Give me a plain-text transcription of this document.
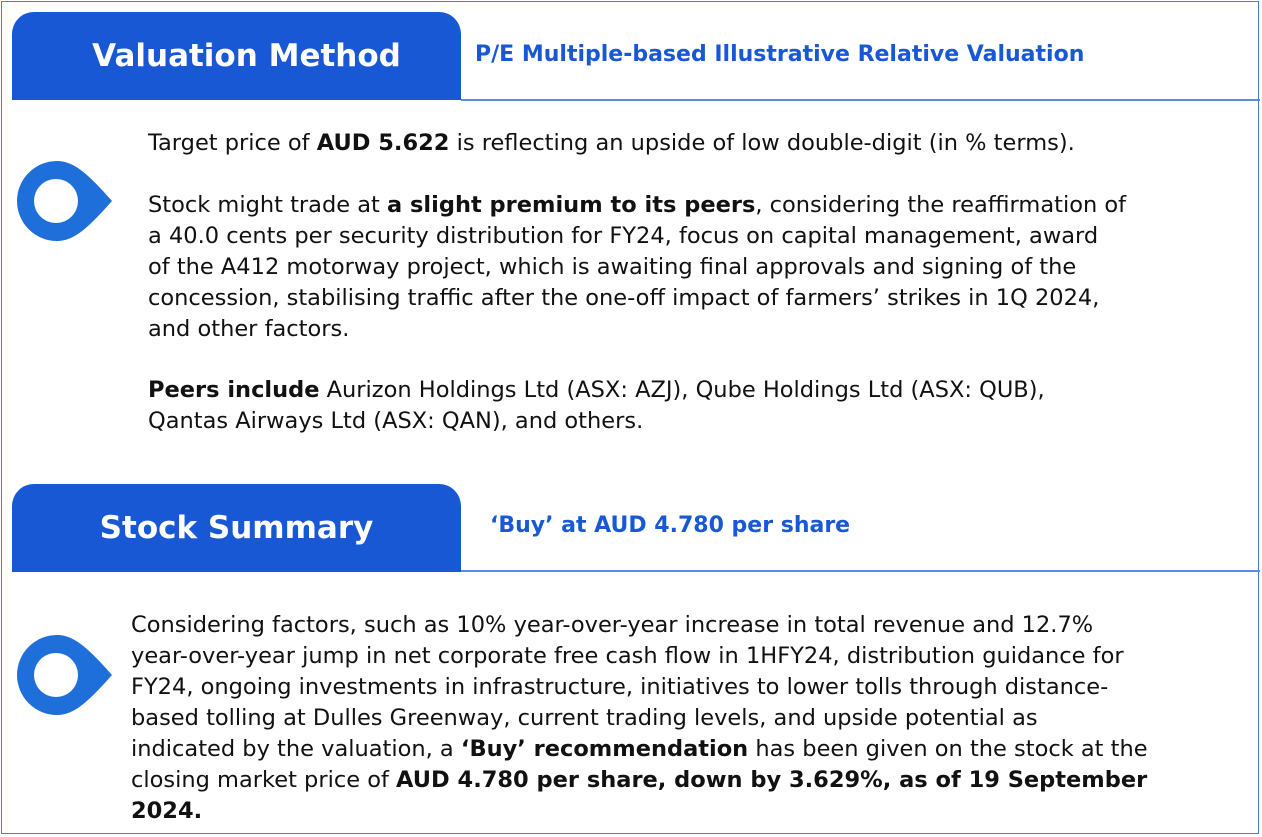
Valuation Method	P/E Multiple-based Illustrative Relative Valuation
Target price of AUD 5.622 is reflecting an upside of low double-digit (in % terms).
Stock might trade at a slight premium to its peers, considering the reaffirmation of
a 40.0 cents per security distribution for FY24, focus on capital management, award
of the A412 motorway project, which is awaiting final approvals and signing of the
concession, stabilising traffic after the one-off impact of farmers’ strikes in 1Q 2024,
and other factors.
Peers include Aurizon Holdings Ltd (ASX: AZJ), Qube Holdings Ltd (ASX: QUB),
Qantas Airways Ltd (ASX: QAN), and others.
Stock Summary	‘Buy’ at AUD 4.780 per share
Considering factors, such as 10% year-over-year increase in total revenue and 12.7%
year-over-year jump in net corporate free cash flow in 1HFY24, distribution guidance for
FY24, ongoing investments in infrastructure, initiatives to lower tolls through distance-
based tolling at Dulles Greenway, current trading levels, and upside potential as
indicated by the valuation, a ‘Buy’ recommendation has been given on the stock at the
closing market price of AUD 4.780 per share, down by 3.629%, as of 19 September
2024.
